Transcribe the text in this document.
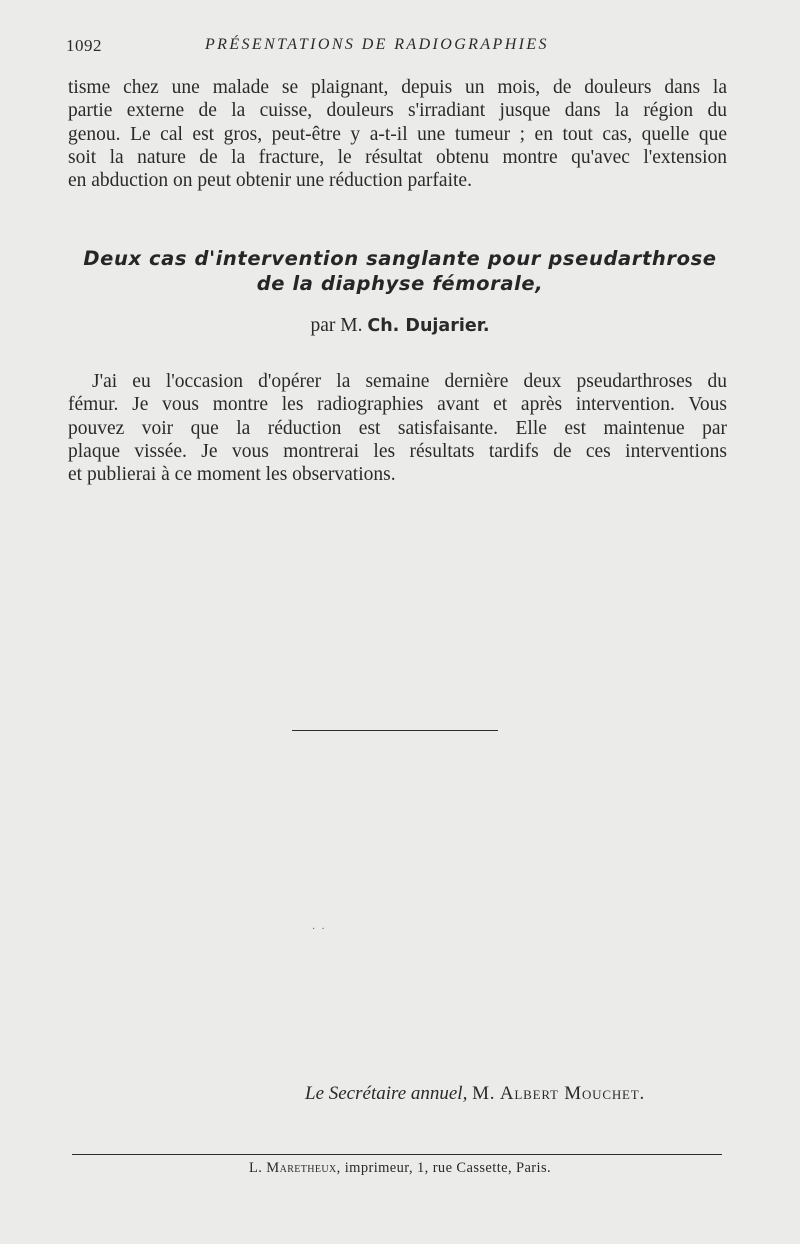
1092	PRÉSENTATIONS DE RADIOGRAPHIES

tisme chez une malade se plaignant, depuis un mois, de douleurs dans la
partie externe de la cuisse, douleurs s'irradiant jusque dans la région du
genou. Le cal est gros, peut-être y a-t-il une tumeur ; en tout cas, quelle que
soit la nature de la fracture, le résultat obtenu montre qu'avec l'extension
en abduction on peut obtenir une réduction parfaite.

Deux cas d'intervention sanglante pour pseudarthrose
de la diaphyse fémorale,
par M. Ch. Dujarier.

J'ai eu l'occasion d'opérer la semaine dernière deux pseudarthroses du
fémur. Je vous montre les radiographies avant et après intervention. Vous
pouvez voir que la réduction est satisfaisante. Elle est maintenue par
plaque vissée. Je vous montrerai les résultats tardifs de ces interventions
et publierai à ce moment les observations.

··
Le Secrétaire annuel, M. Albert Mouchet.
L. Maretheux, imprimeur, 1, rue Cassette, Paris.
